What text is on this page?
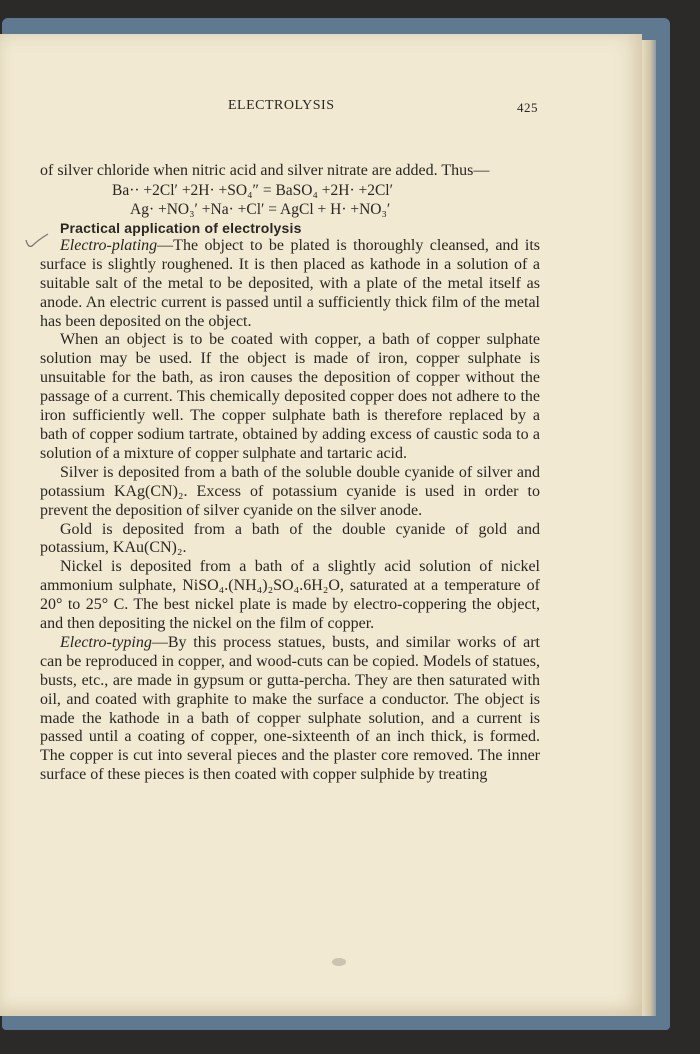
ELECTROLYSIS	425

of silver chloride when nitric acid and silver nitrate are added. Thus—

Ba·· +2Cl′ +2H· +SO₄″ = BaSO₄ +2H· +2Cl′
Ag· +NO₃′ +Na· +Cl′ = AgCl + H· +NO₃′
Practical application of electrolysis

Electro-plating—The object to be plated is thoroughly cleansed, and its surface is slightly roughened. It is then placed as kathode in a solution of a suitable salt of the metal to be deposited, with a plate of the metal itself as anode. An electric current is passed until a sufficiently thick film of the metal has been deposited on the object.

When an object is to be coated with copper, a bath of copper sulphate solution may be used. If the object is made of iron, copper sulphate is unsuitable for the bath, as iron causes the deposition of copper without the passage of a current. This chemically deposited copper does not adhere to the iron sufficiently well. The copper sulphate bath is therefore replaced by a bath of copper sodium tartrate, obtained by adding excess of caustic soda to a solution of a mixture of copper sulphate and tartaric acid.

Silver is deposited from a bath of the soluble double cyanide of silver and potassium KAg(CN)₂. Excess of potassium cyanide is used in order to prevent the deposition of silver cyanide on the silver anode.

Gold is deposited from a bath of the double cyanide of gold and potassium, KAu(CN)₂.

Nickel is deposited from a bath of a slightly acid solution of nickel ammonium sulphate, NiSO₄.(NH₄)₂SO₄.6H₂O, saturated at a temperature of 20° to 25° C. The best nickel plate is made by electro-coppering the object, and then depositing the nickel on the film of copper.

Electro-typing—By this process statues, busts, and similar works of art can be reproduced in copper, and wood-cuts can be copied. Models of statues, busts, etc., are made in gypsum or gutta-percha. They are then saturated with oil, and coated with graphite to make the surface a conductor. The object is made the kathode in a bath of copper sulphate solution, and a current is passed until a coating of copper, one-sixteenth of an inch thick, is formed. The copper is cut into several pieces and the plaster core removed. The inner surface of these pieces is then coated with copper sulphide by treating
